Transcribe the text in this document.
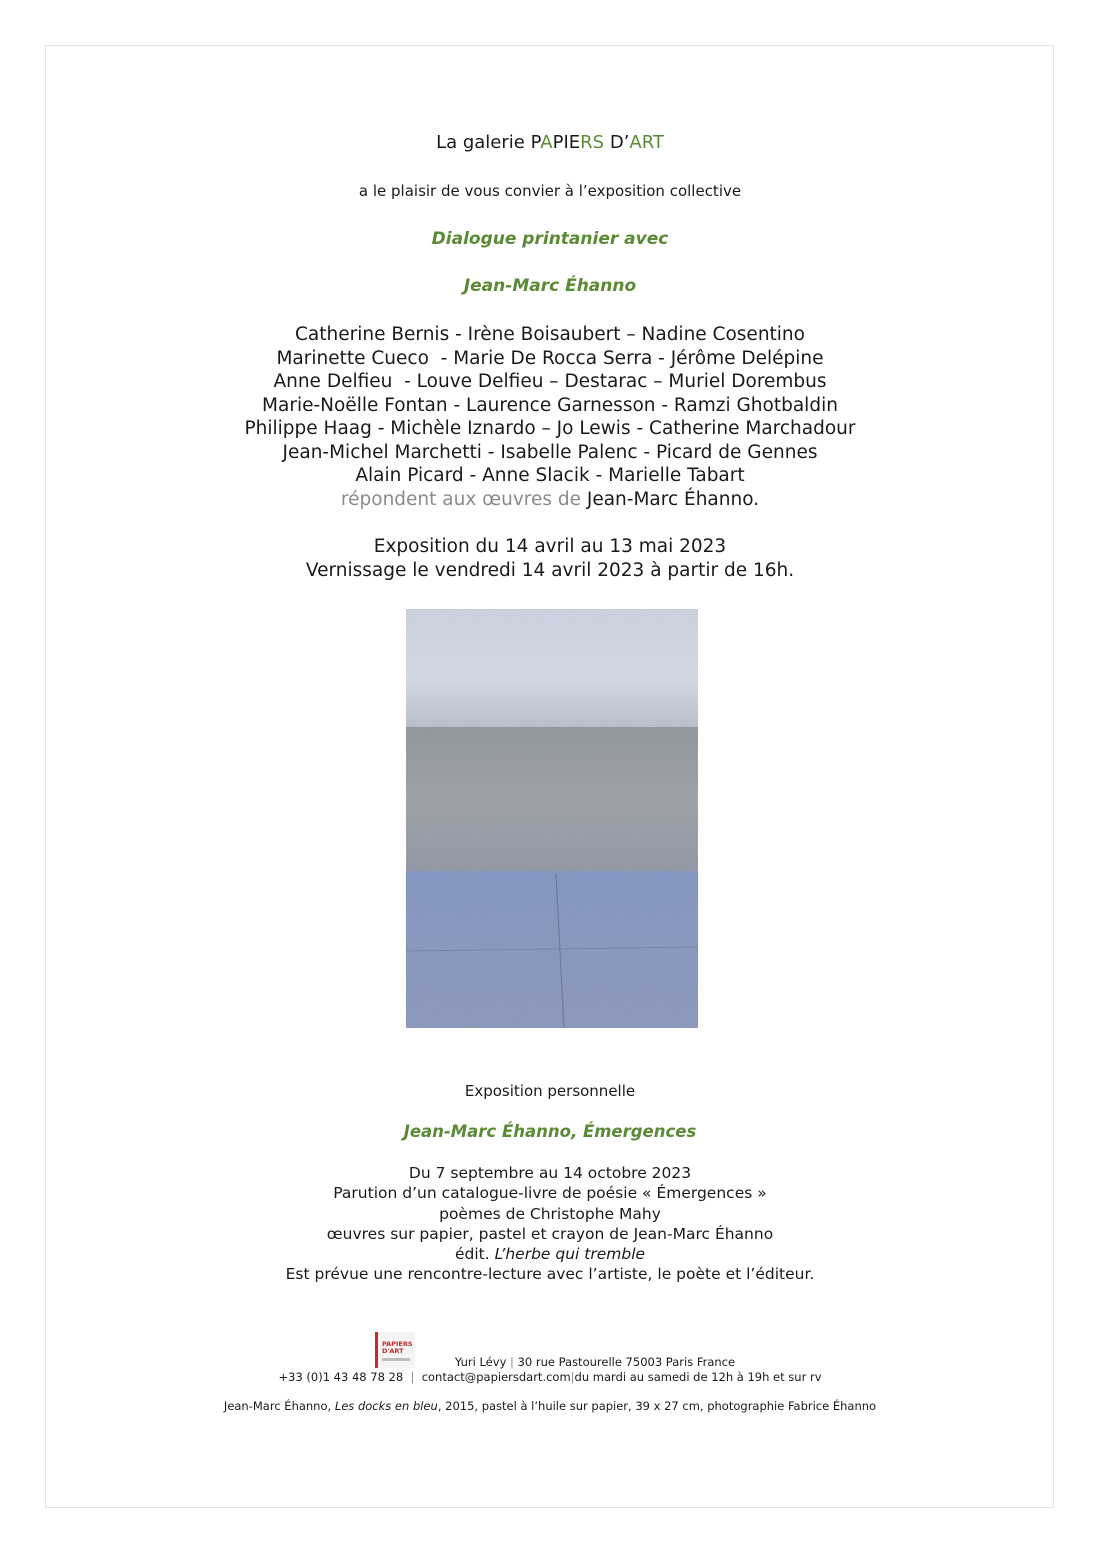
La galerie PAPIERS D’ART
a le plaisir de vous convier à l’exposition collective
Dialogue printanier avec
Jean-Marc Éhanno
Catherine Bernis - Irène Boisaubert – Nadine Cosentino
Marinette Cueco  - Marie De Rocca Serra - Jérôme Delépine
Anne Delfieu  - Louve Delfieu – Destarac – Muriel Dorembus
Marie-Noëlle Fontan - Laurence Garnesson - Ramzi Ghotbaldin
Philippe Haag - Michèle Iznardo – Jo Lewis - Catherine Marchadour
Jean-Michel Marchetti - Isabelle Palenc - Picard de Gennes
Alain Picard - Anne Slacik - Marielle Tabart
répondent aux œuvres de Jean-Marc Éhanno.
Exposition du 14 avril au 13 mai 2023
Vernissage le vendredi 14 avril 2023 à partir de 16h.
Exposition personnelle
Jean-Marc Éhanno, Émergences
Du 7 septembre au 14 octobre 2023
Parution d’un catalogue-livre de poésie « Émergences »
poèmes de Christophe Mahy
œuvres sur papier, pastel et crayon de Jean-Marc Éhanno
édit. L’herbe qui tremble
Est prévue une rencontre-lecture avec l’artiste, le poète et l’éditeur.
PAPIERS
D'ART
Yuri Lévy | 30 rue Pastourelle 75003 Paris France
+33 (0)1 43 48 78 28 | contact@papiersdart.com|du mardi au samedi de 12h à 19h et sur rv
Jean-Marc Éhanno, Les docks en bleu, 2015, pastel à l’huile sur papier, 39 x 27 cm, photographie Fabrice Éhanno
